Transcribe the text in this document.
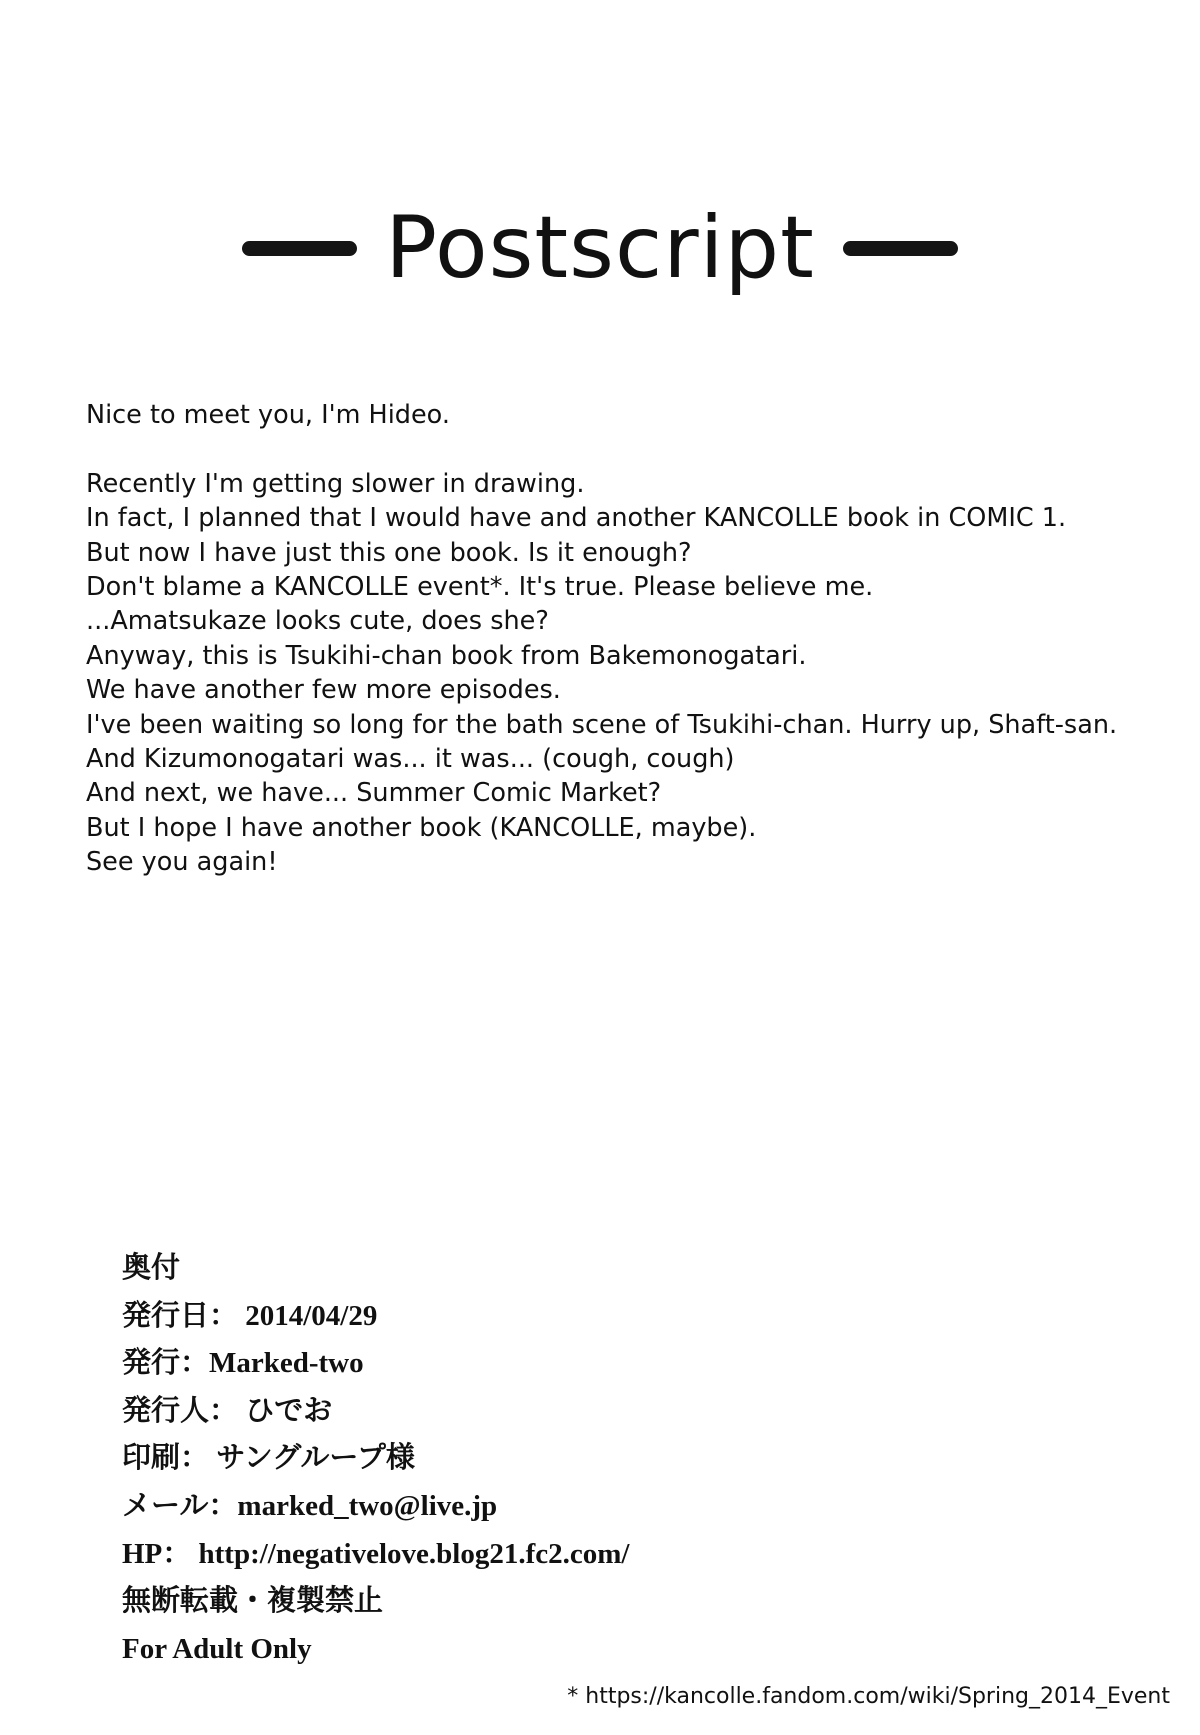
Postscript
Nice to meet you, I'm Hideo.
Recently I'm getting slower in drawing.
In fact, I planned that I would have and another KANCOLLE book in COMIC 1.
But now I have just this one book. Is it enough?
Don't blame a KANCOLLE event*. It's true. Please believe me.
...Amatsukaze looks cute, does she?
Anyway, this is Tsukihi-chan book from Bakemonogatari.
We have another few more episodes.
I've been waiting so long for the bath scene of Tsukihi-chan. Hurry up, Shaft-san.
And Kizumonogatari was... it was... (cough, cough)
And next, we have... Summer Comic Market?
But I hope I have another book (KANCOLLE, maybe).
See you again!
奥付
発行日： 2014/04/29
発行：Marked-two
発行人： ひでお
印刷： サングループ様
メール：marked_two@live.jp
HP： http://negativelove.blog21.fc2.com/
無断転載・複製禁止
For Adult Only
* https://kancolle.fandom.com/wiki/Spring_2014_Event
